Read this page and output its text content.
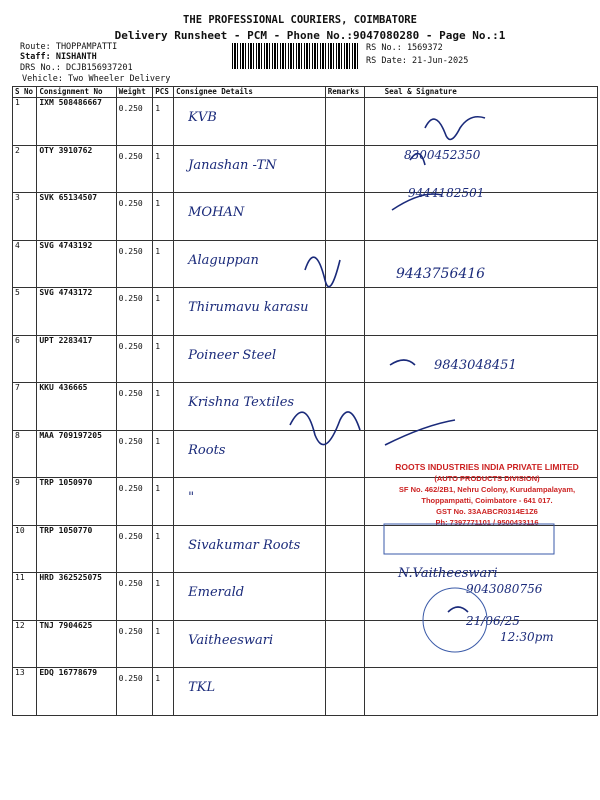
THE PROFESSIONAL COURIERS, COIMBATORE
Delivery Runsheet - PCM - Phone No.:9047080280 - Page No.:1
Route: THOPPAMPATTI
Staff: NISHANTH
DRS No.: DCJB156937201
Vehicle: Two Wheeler Delivery
RS No.: 1569372
RS Date: 21-Jun-2025
S No	Consignment No	Weight	PCS	Consignee Details	Remarks	Seal & Signature
1	IXM 508486667	0.250	1	KVB		

2	OTY 3910762	0.250	1	Janashan -TN		

3	SVK 65134507	0.250	1	MOHAN		

4	SVG 4743192	0.250	1	Alaguppan		

5	SVG 4743172	0.250	1	Thirumavu karasu		

6	UPT 2283417	0.250	1	Poineer Steel		

7	KKU 436665	0.250	1	Krishna Textiles		

8	MAA 709197205	0.250	1	Roots		

9	TRP 1050970	0.250	1	"		

10	TRP 1050770	0.250	1	Sivakumar Roots		

11	HRD 362525075	0.250	1	Emerald		

12	TNJ 7904625	0.250	1	Vaitheeswari		

13	EDQ 16778679	0.250	1	TKL		

8300452350
9444182501
9443756416
9843048451
N.Vaitheeswari
9043080756
21/06/25
12:30pm
ROOTS INDUSTRIES INDIA PRIVATE LIMITED
(AUTO PRODUCTS DIVISION)
SF No. 462/2B1, Nehru Colony, Kurudampalayam,
Thoppampatti, Coimbatore - 641 017.
GST No. 33AABCR0314E1Z6
Ph: 7397771101 / 9500433116
